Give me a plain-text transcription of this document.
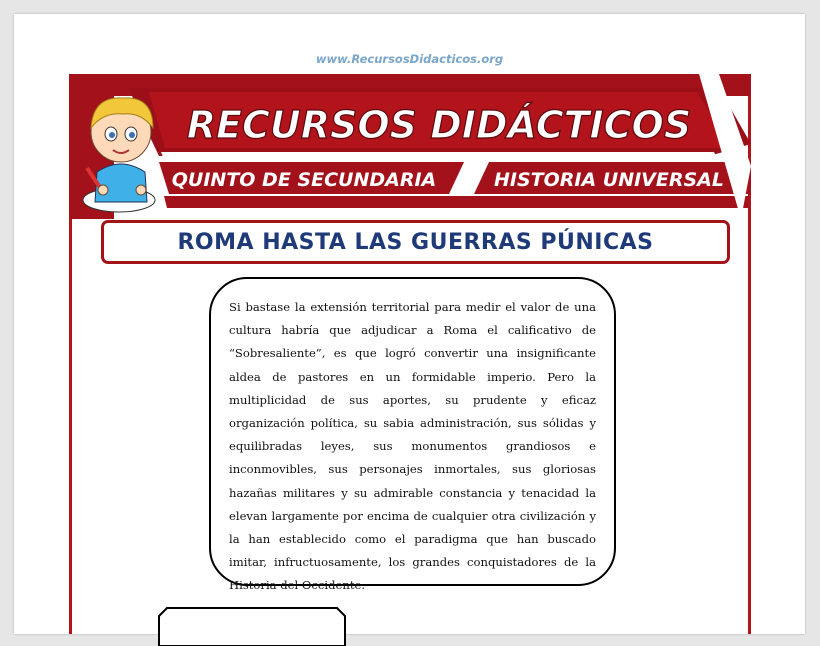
www.RecursosDidacticos.org
RECURSOS DIDÁCTICOS
QUINTO DE SECUNDARIA	HISTORIA UNIVERSAL
ROMA HASTA LAS GUERRAS PÚNICAS

Si bastase la extensión territorial para medir el valor de una cultura habría que adjudicar a Roma el calificativo de “Sobresaliente”, es que logró convertir una insignificante aldea de pastores en un formidable imperio. Pero la multiplicidad de sus aportes, su prudente y eficaz organización política, su sabia administración, sus sólidas y equilibradas leyes, sus monumentos grandiosos e inconmovibles, sus personajes inmortales, sus gloriosas hazañas militares y su admirable constancia y tenacidad la elevan largamente por encima de cualquier otra civilización y la han establecido como el paradigma que han buscado imitar, infructuosamente, los grandes conquistadores de la Historia del Occidente.
